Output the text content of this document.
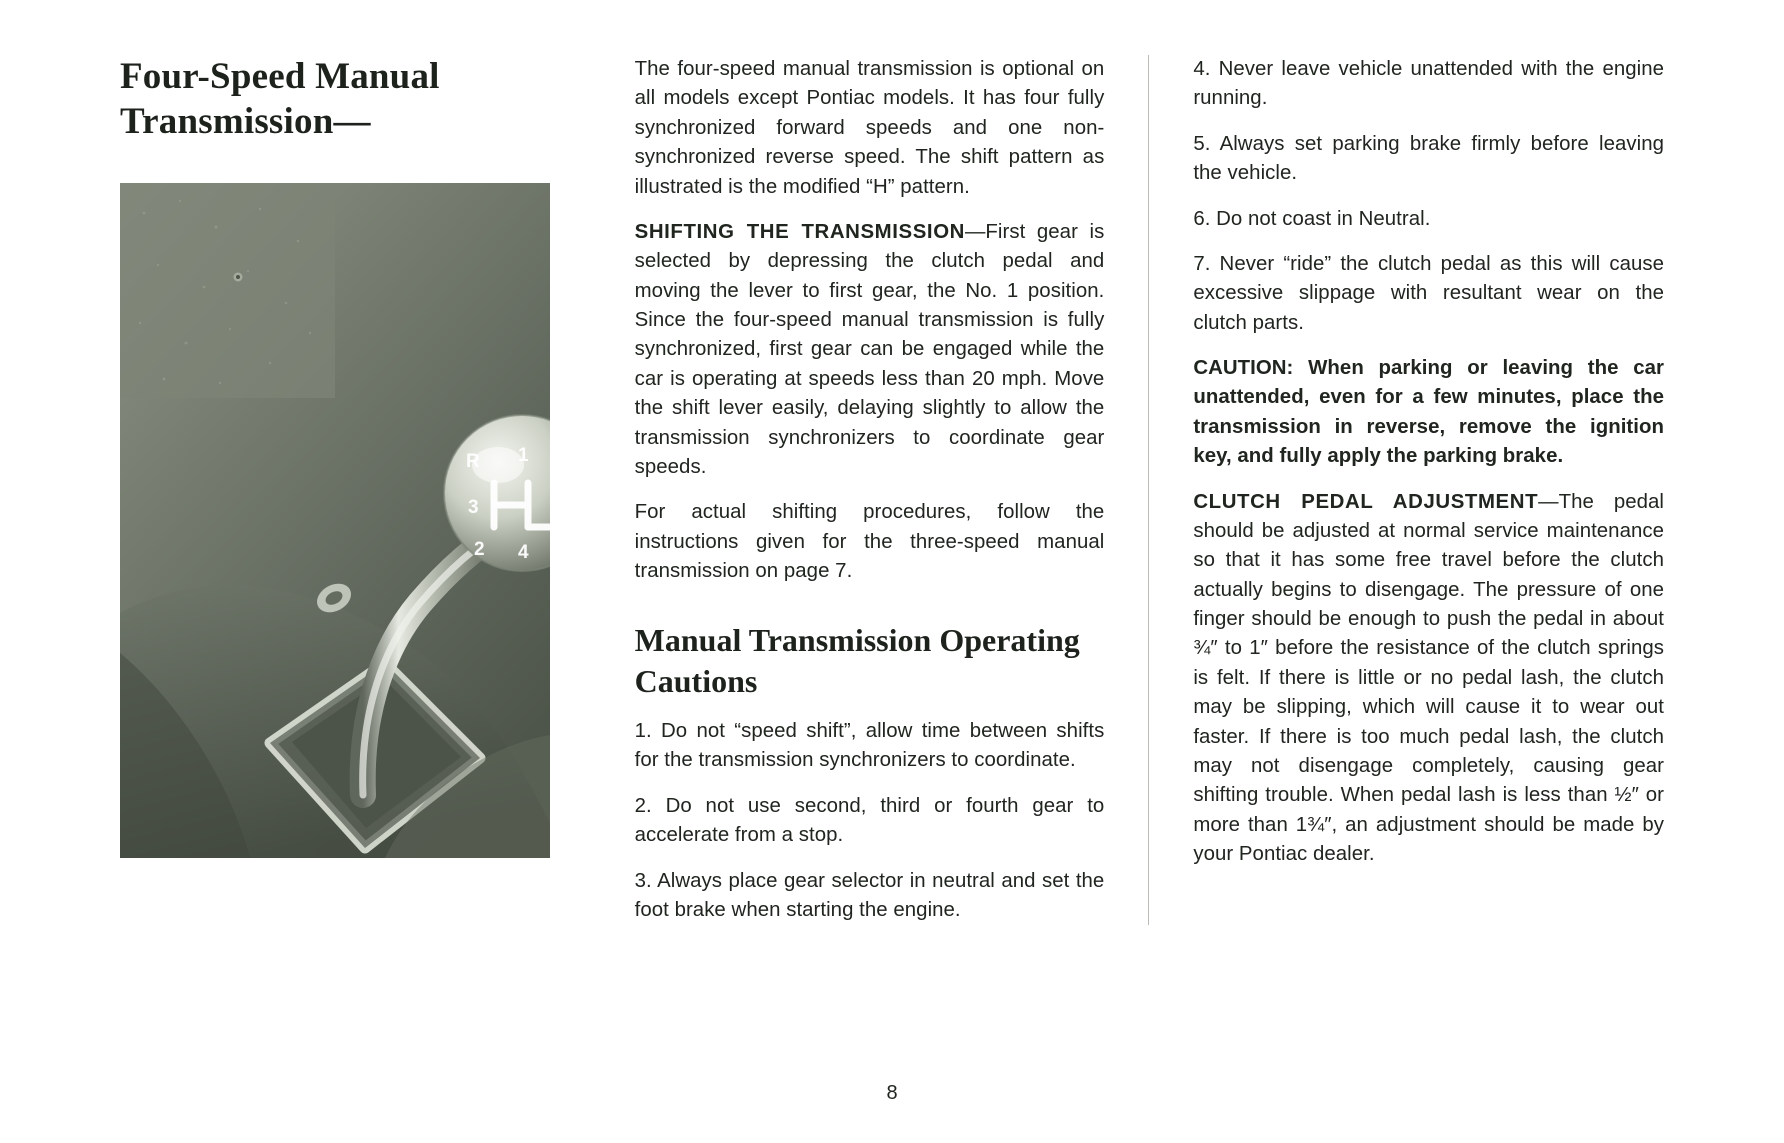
Four-Speed Manual Transmission—
R 1
2 4
3

The four-speed manual transmission is optional on all models except Pontiac models. It has four fully synchronized forward speeds and one non-synchronized reverse speed. The shift pattern as illustrated is the modified “H” pattern.

SHIFTING THE TRANSMISSION—First gear is selected by depressing the clutch pedal and moving the lever to first gear, the No. 1 position. Since the four-speed manual transmission is fully synchronized, first gear can be engaged while the car is operating at speeds less than 20 mph. Move the shift lever easily, delaying slightly to allow the transmission synchronizers to coordinate gear speeds.

For actual shifting procedures, follow the instructions given for the three-speed manual transmission on page 7.

Manual Transmission Operating Cautions

1. Do not “speed shift”, allow time between shifts for the transmission synchronizers to coordinate.

2. Do not use second, third or fourth gear to accelerate from a stop.

3. Always place gear selector in neutral and set the foot brake when starting the engine.

4. Never leave vehicle unattended with the engine running.

5. Always set parking brake firmly before leaving the vehicle.

6. Do not coast in Neutral.

7. Never “ride” the clutch pedal as this will cause excessive slippage with resultant wear on the clutch parts.

CAUTION: When parking or leaving the car unattended, even for a few minutes, place the transmission in reverse, remove the ignition key, and fully apply the parking brake.

CLUTCH PEDAL ADJUSTMENT—The pedal should be adjusted at normal service maintenance so that it has some free travel before the clutch actually begins to disengage. The pressure of one finger should be enough to push the pedal in about ¾″ to 1″ before the resistance of the clutch springs is felt. If there is little or no pedal lash, the clutch may be slipping, which will cause it to wear out faster. If there is too much pedal lash, the clutch may not disengage completely, causing gear shifting trouble. When pedal lash is less than ½″ or more than 1¾″, an adjustment should be made by your Pontiac dealer.

8
